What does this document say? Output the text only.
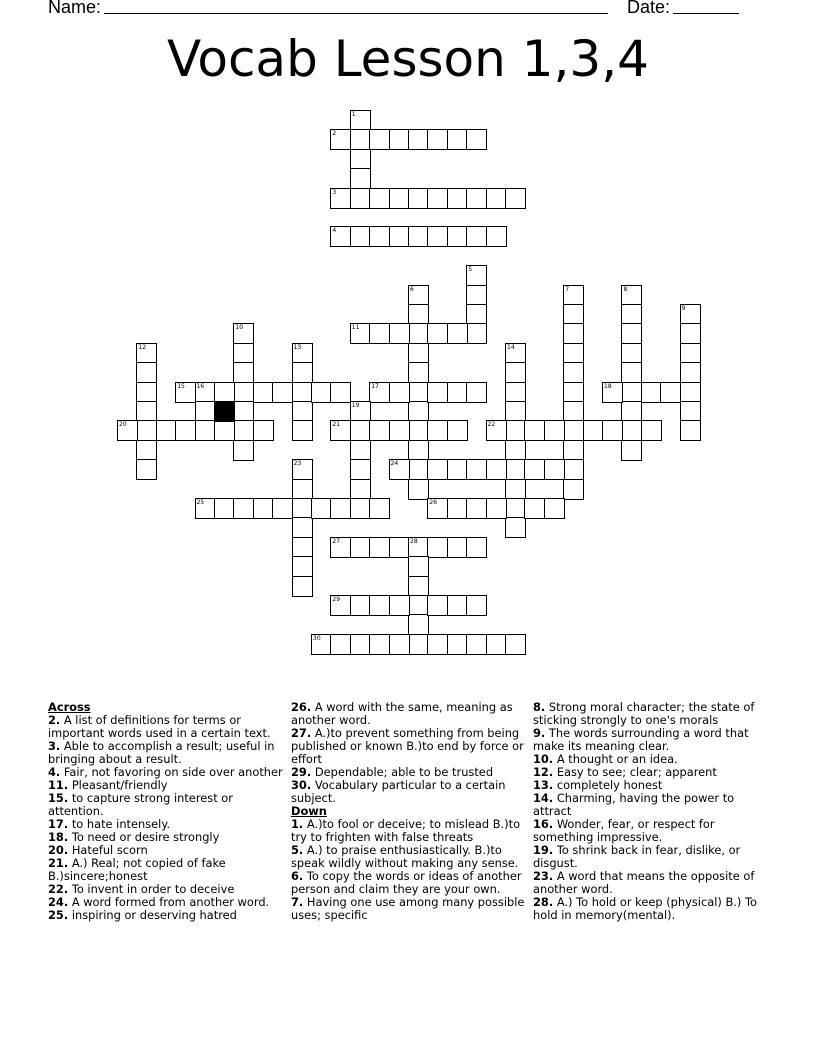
Name:	Date:
Vocab Lesson 1,3,4
1
2
3
4
5
6	7	8
9
10	11
12	13	14
15 16	17	18
19
20	21	22
23	24
25	26
27	28
29
30
Across
2. A list of definitions for terms or important words used in a certain text.
3. Able to accomplish a result; useful in bringing about a result.
4. Fair, not favoring on side over another
11. Pleasant/friendly
15. to capture strong interest or attention.
17. to hate intensely.
18. To need or desire strongly
20. Hateful scorn
21. A.) Real; not copied of fake B.)sincere;honest
22. To invent in order to deceive
24. A word formed from another word.
25. inspiring or deserving hatred
26. A word with the same, meaning as another word.
27. A.)to prevent something from being published or known B.)to end by force or effort
29. Dependable; able to be trusted
30. Vocabulary particular to a certain subject.
Down
1. A.)to fool or deceive; to mislead B.)to try to frighten with false threats
5. A.) to praise enthusiastically. B.)to speak wildly without making any sense.
6. To copy the words or ideas of another person and claim they are your own.
7. Having one use among many possible uses; specific
8. Strong moral character; the state of sticking strongly to one's morals
9. The words surrounding a word that make its meaning clear.
10. A thought or an idea.
12. Easy to see; clear; apparent
13. completely honest
14. Charming, having the power to attract
16. Wonder, fear, or respect for something impressive.
19. To shrink back in fear, dislike, or disgust.
23. A word that means the opposite of another word.
28. A.) To hold or keep (physical) B.) To hold in memory(mental).
